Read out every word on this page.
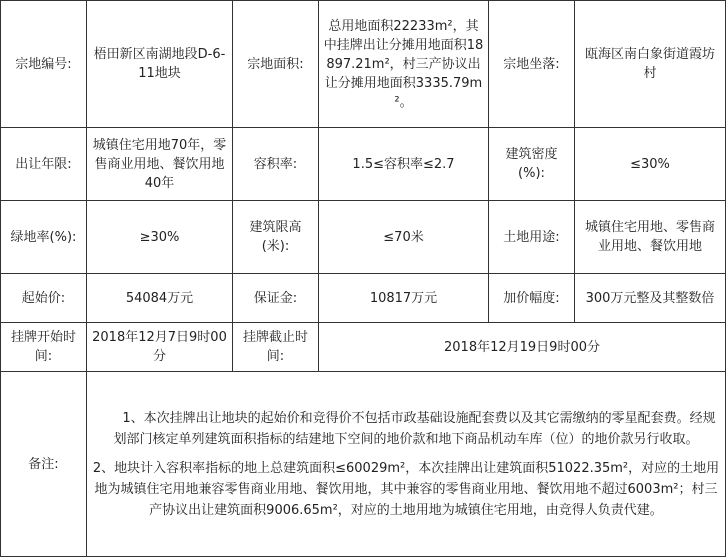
宗地编号:	梧田新区南湖地段D-6-11地块	宗地面积:	总用地面积22233m²，其中挂牌出让分摊用地面积18897.21m²，村三产协议出让分摊用地面积3335.79m²。	宗地坐落:	瓯海区南白象街道霞坊村
出让年限:	城镇住宅用地70年，零售商业用地、餐饮用地40年	容积率:	1.5≤容积率≤2.7	建筑密度(%):	≤30%
绿地率(%):	≥30%	建筑限高(米):	≤70米	土地用途:	城镇住宅用地、零售商业用地、餐饮用地
起始价:	54084万元	保证金:	10817万元	加价幅度:	300万元整及其整数倍
挂牌开始时间:	2018年12月7日9时00分	挂牌截止时间:	2018年12月19日9时00分		
备注:	1、本次挂牌出让地块的起始价和竞得价不包括市政基础设施配套费以及其它需缴纳的零星配套费。经规划部门核定单列建筑面积指标的结建地下空间的地价款和地下商品机动车库（位）的地价款另行收取。

2、地块计入容积率指标的地上总建筑面积≤60029m²，本次挂牌出让建筑面积51022.35m²，对应的土地用地为城镇住宅用地兼容零售商业用地、餐饮用地，其中兼容的零售商业用地、餐饮用地不超过6003m²；村三产协议出让建筑面积9006.65m²，对应的土地用地为城镇住宅用地，由竞得人负责代建。				
